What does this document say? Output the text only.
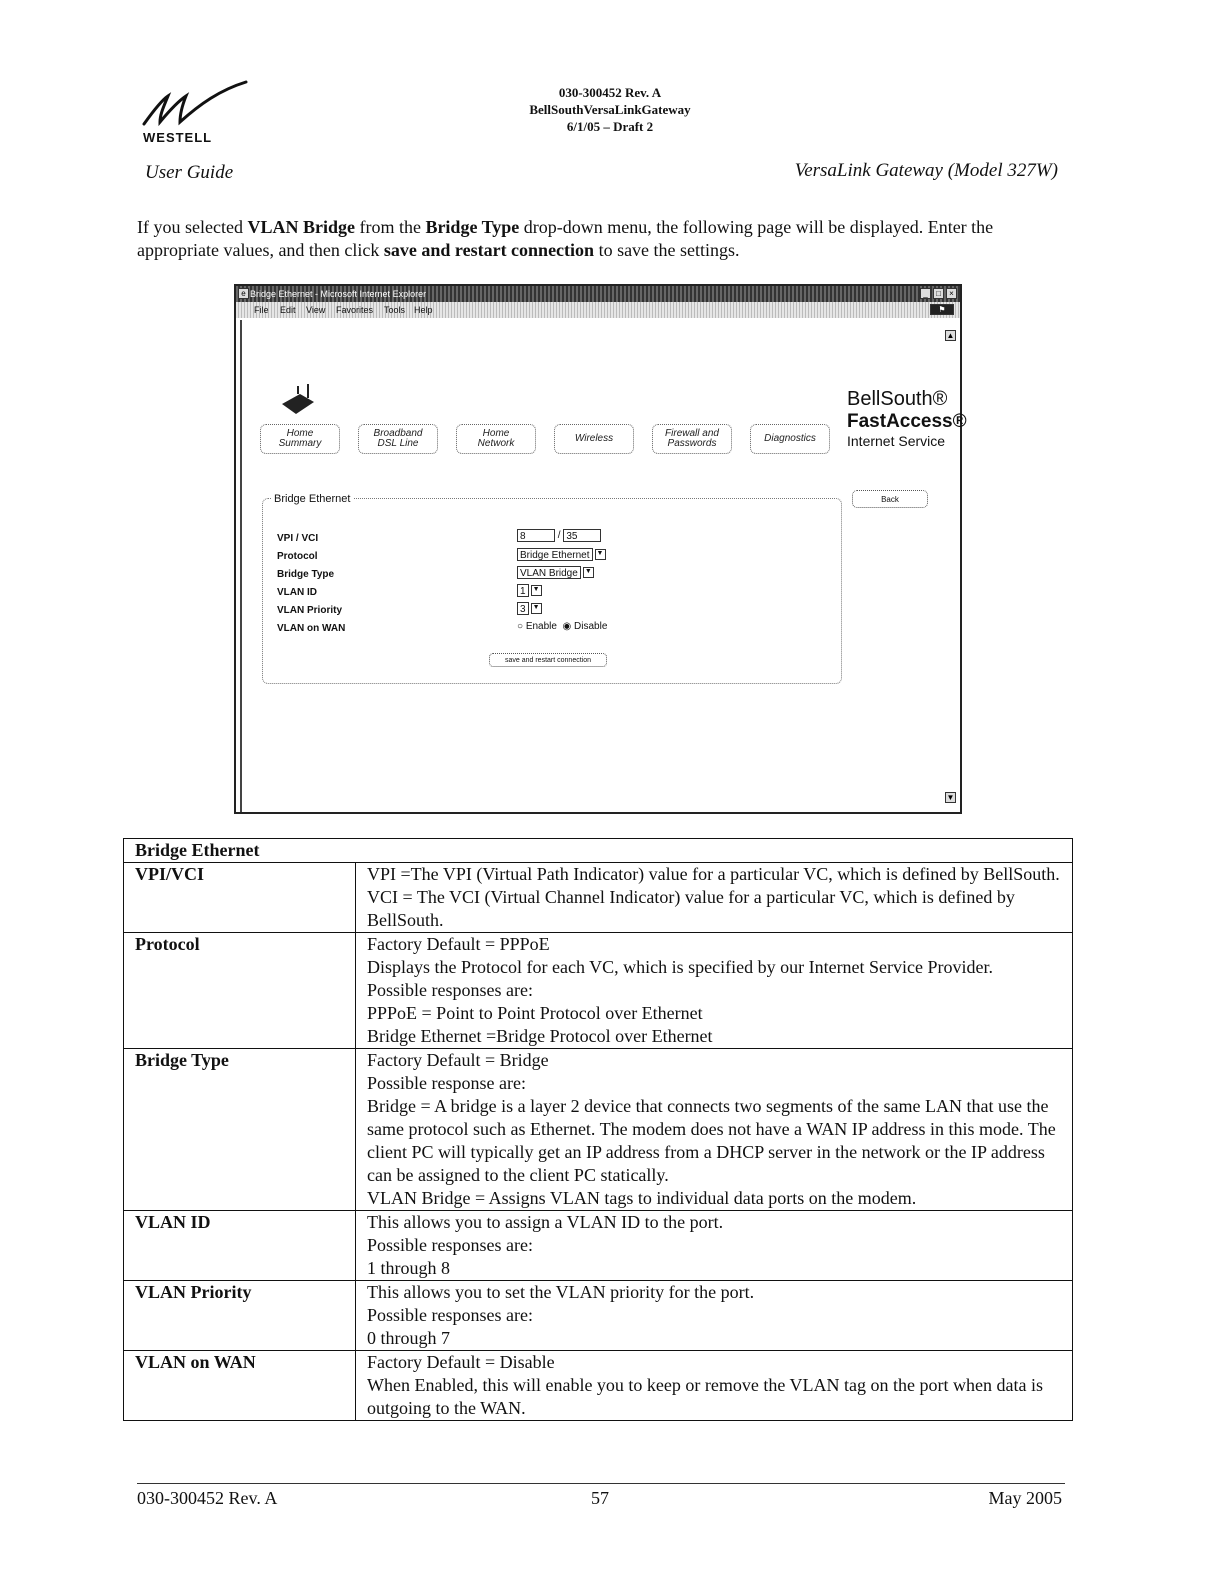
WESTELL
030-300452 Rev. A
BellSouthVersaLinkGateway
6/1/05 – Draft 2
User Guide	VersaLink Gateway (Model 327W)
If you selected VLAN Bridge from the Bridge Type drop-down menu, the following page will be displayed. Enter the appropriate values, and then click save and restart connection to save the settings.
e Bridge Ethernet - Microsoft Internet Explorer	_	□	×
File Edit View Favorites Tools Help	⚑
▲
▼
Home
Summary
Broadband
DSL Line
Home
Network	Wireless	Firewall and
Passwords	Diagnostics
BellSouth®
FastAccess®
Internet Service
Back
Bridge Ethernet
VPI / VCI	8	/ 35
Protocol	Bridge Ethernet ▼
Bridge Type	VLAN Bridge ▼
VLAN ID	1 ▼
VLAN Priority	3 ▼
VLAN on WAN	○ Enable ◉ Disable
save and restart connection
Bridge Ethernet	
VPI/VCI	VPI =The VPI (Virtual Path Indicator) value for a particular VC, which is defined by BellSouth.
VCI = The VCI (Virtual Channel Indicator) value for a particular VC, which is defined by BellSouth.

Protocol	Factory Default = PPPoE
Displays the Protocol for each VC, which is specified by our Internet Service Provider.
Possible responses are:
PPPoE = Point to Point Protocol over Ethernet
Bridge Ethernet =Bridge Protocol over Ethernet

Bridge Type	Factory Default = Bridge
Possible response are:
Bridge = A bridge is a layer 2 device that connects two segments of the same LAN that use the same protocol such as Ethernet. The modem does not have a WAN IP address in this mode. The client PC will typically get an IP address from a DHCP server in the network or the IP address can be assigned to the client PC statically.
VLAN Bridge = Assigns VLAN tags to individual data ports on the modem.

VLAN ID	This allows you to assign a VLAN ID to the port.
Possible responses are:
1 through 8

VLAN Priority	This allows you to set the VLAN priority for the port.
Possible responses are:
0 through 7

VLAN on WAN	Factory Default = Disable
When Enabled, this will enable you to keep or remove the VLAN tag on the port when data is outgoing to the WAN.
030-300452 Rev. A	57	May 2005
